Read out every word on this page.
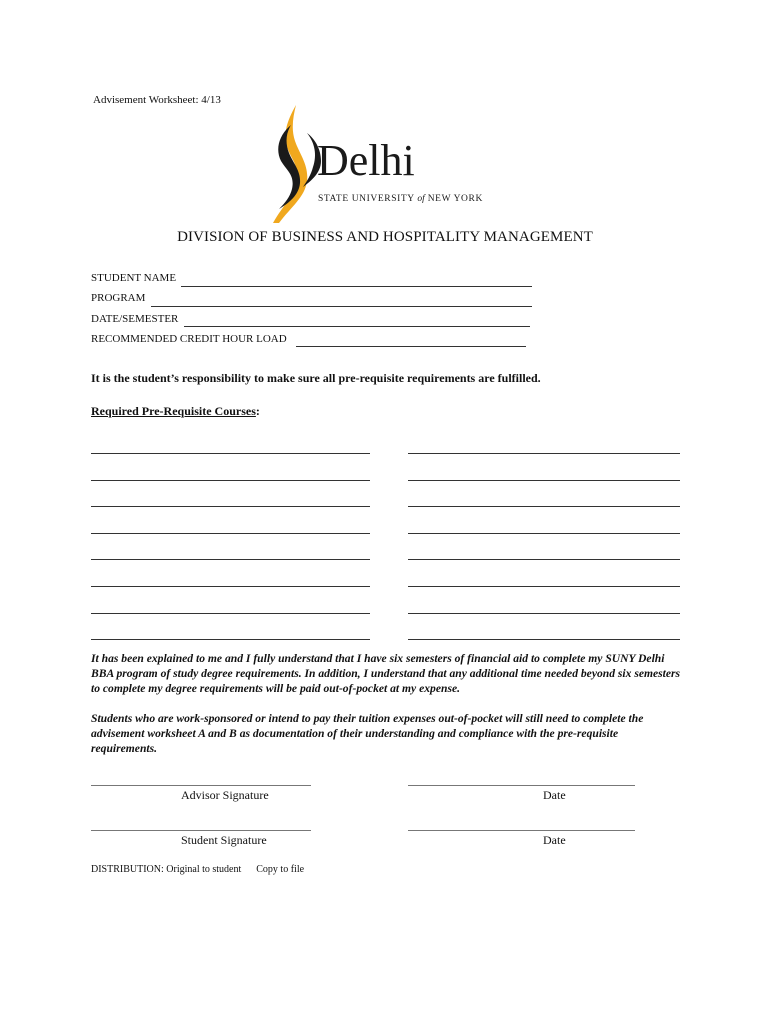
Advisement Worksheet: 4/13
Delhi
STATE UNIVERSITY of NEW YORK
DIVISION OF BUSINESS AND HOSPITALITY MANAGEMENT
STUDENT NAME
PROGRAM
DATE/SEMESTER
RECOMMENDED CREDIT HOUR LOAD
It is the student’s responsibility to make sure all pre-requisite requirements are fulfilled.
Required Pre-Requisite Courses:
It has been explained to me and I fully understand that I have six semesters of financial aid to complete my SUNY Delhi BBA program of study degree requirements. In addition, I understand that any additional time needed beyond six semesters to complete my degree requirements will be paid out-of-pocket at my expense.
Students who are work-sponsored or intend to pay their tuition expenses out-of-pocket will still need to complete the advisement worksheet A and B as documentation of their understanding and compliance with the pre-requisite requirements.
Advisor Signature	Date
Student Signature	Date
DISTRIBUTION: Original to student Copy to file
